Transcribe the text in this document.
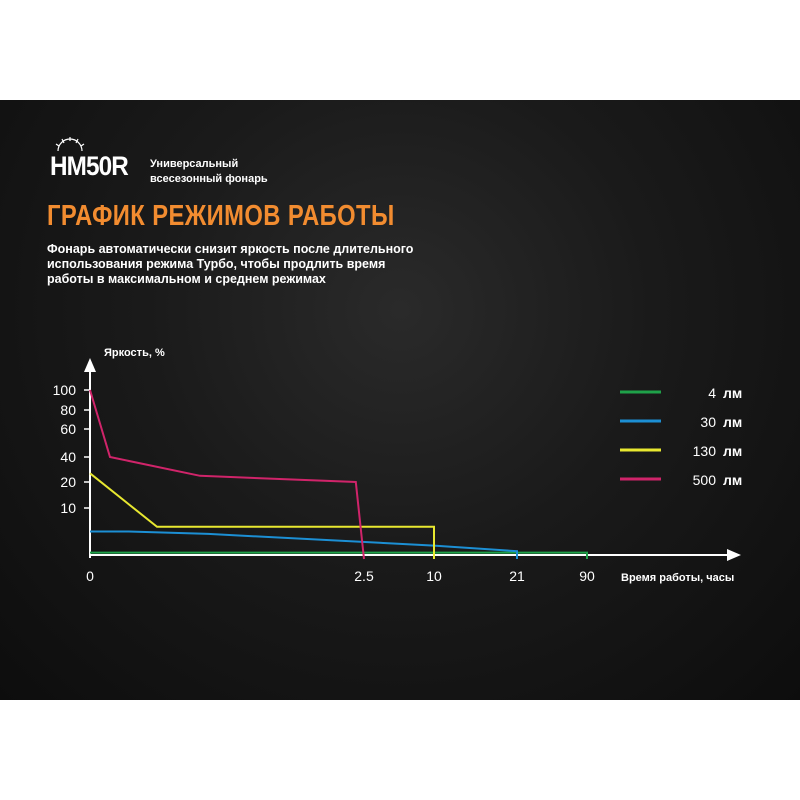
HM50R Универсальный
всесезонный фонарь
ГРАФИК РЕЖИМОВ РАБОТЫ
Фонарь автоматически снизит яркость после длительного
использования режима Турбо, чтобы продлить время
работы в максимальном и среднем режимах
Яркость, %
Время работы, часы
100
80
60
40
20
10
0	2.5	10	21	90
4 лм
30 лм
130 лм
500 лм
